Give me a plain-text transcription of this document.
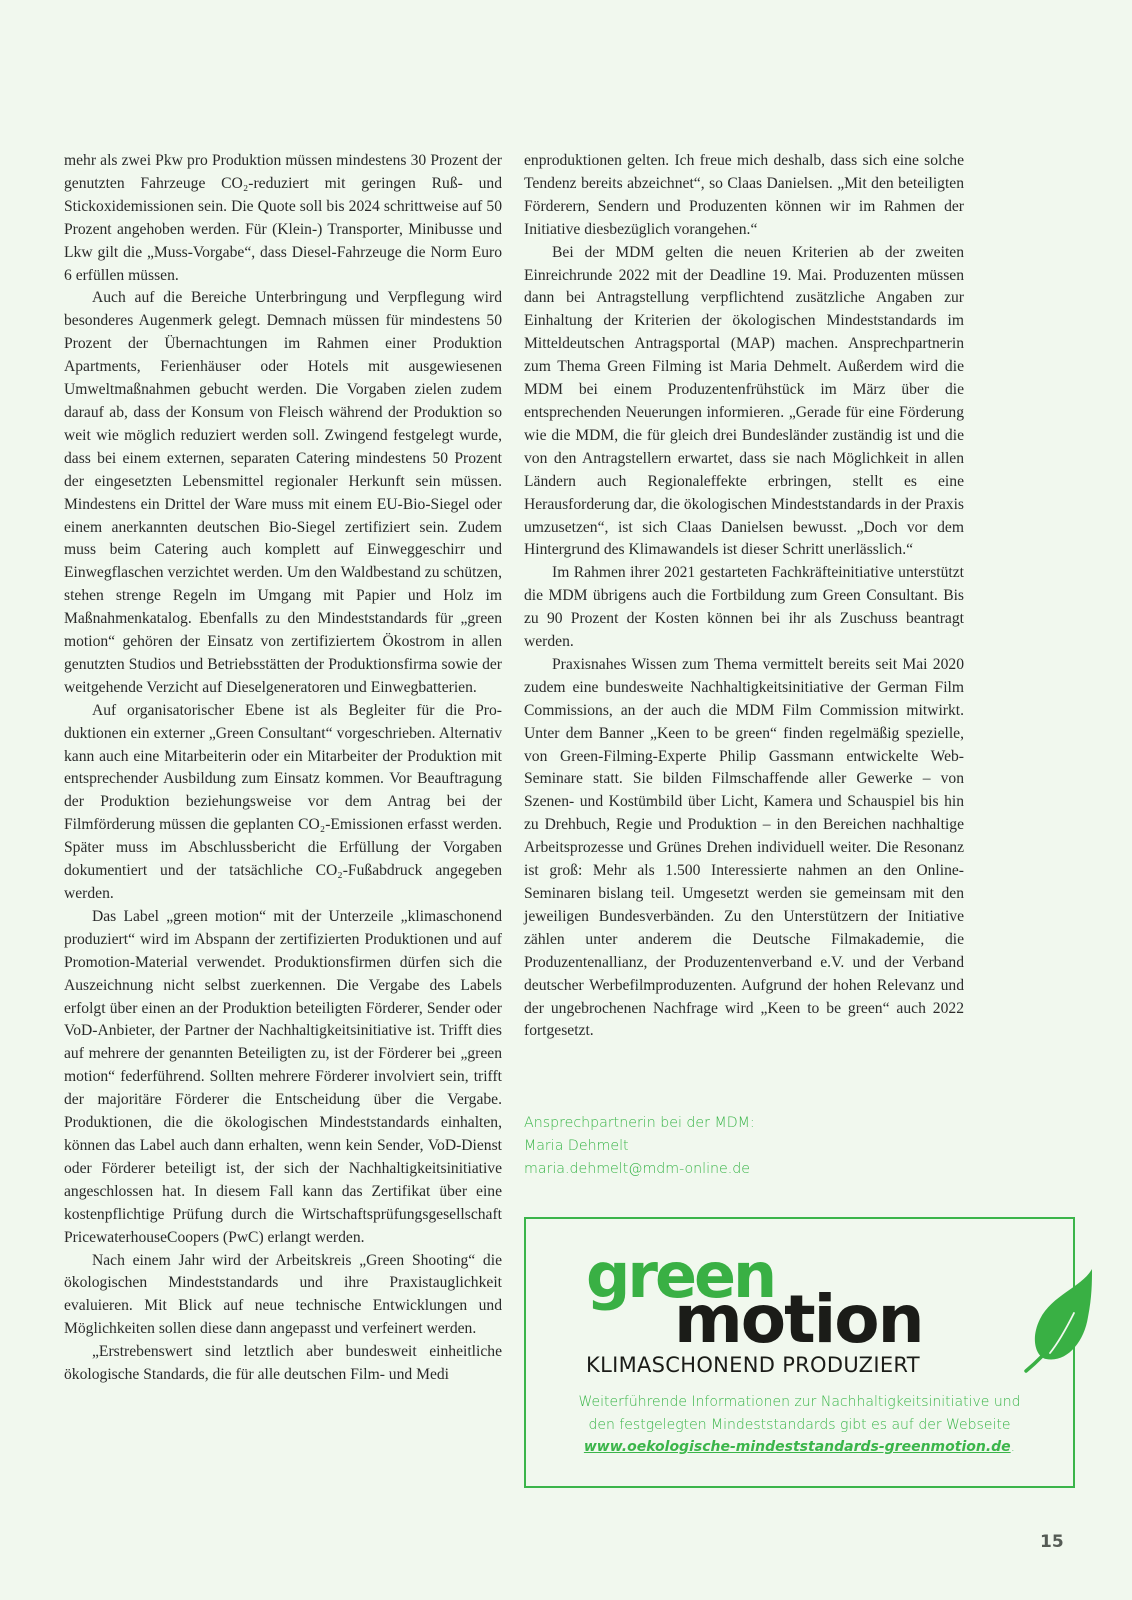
mehr als zwei Pkw pro Produktion müssen mindestens 30 Prozent der genutzten Fahrzeuge CO₂-reduziert mit geringen Ruß- und Stickoxidemissionen sein. Die Quote soll bis 2024 schrittweise auf 50 Prozent angehoben werden. Für (Klein-) Transporter, Minibusse und Lkw gilt die „Muss-Vorgabe“, dass Diesel-Fahrzeuge die Norm Euro 6 erfüllen müssen.

Auch auf die Bereiche Unterbringung und Verpflegung wird besonderes Augenmerk gelegt. Demnach müssen für mindestens 50 Prozent der Übernachtungen im Rahmen einer Produktion Apartments, Ferienhäuser oder Hotels mit ausgewiesenen Umweltmaßnahmen gebucht werden. Die Vorgaben zielen zudem darauf ab, dass der Konsum von Fleisch während der Produktion so weit wie möglich reduziert werden soll. Zwingend festgelegt wurde, dass bei einem externen, separaten Catering mindestens 50 Prozent der eingesetzten Lebensmittel regionaler Herkunft sein müssen. Mindestens ein Drittel der Ware muss mit einem EU-Bio-Siegel oder einem anerkannten deutschen Bio-Siegel zertifiziert sein. Zudem muss beim Catering auch komplett auf Einweggeschirr und Einwegflaschen verzichtet werden. Um den Waldbestand zu schützen, stehen strenge Regeln im Umgang mit Papier und Holz im Maßnahmenkatalog. Ebenfalls zu den Mindeststandards für „green motion“ gehören der Einsatz von zertifiziertem Ökostrom in allen genutzten Studios und Betriebsstätten der Produktionsfirma sowie der weitgehende Verzicht auf Dieselgeneratoren und Einwegbatterien.

Auf organisatorischer Ebene ist als Begleiter für die Produktionen ein externer „Green Consultant“ vorgeschrieben. Alternativ kann auch eine Mitarbeiterin oder ein Mitarbeiter der Produktion mit entsprechender Ausbildung zum Einsatz kommen. Vor Beauftragung der Produktion beziehungsweise vor dem Antrag bei der Filmförderung müssen die geplanten CO₂-Emissionen erfasst werden. Später muss im Abschlussbericht die Erfüllung der Vorgaben dokumentiert und der tatsächliche CO₂-Fußabdruck angegeben werden.

Das Label „green motion“ mit der Unterzeile „klimaschonend produziert“ wird im Abspann der zertifizierten Produktionen und auf Promotion-Material verwendet. Produktionsfirmen dürfen sich die Auszeichnung nicht selbst zuerkennen. Die Vergabe des Labels erfolgt über einen an der Produktion beteiligten Förderer, Sender oder VoD-Anbieter, der Partner der Nachhaltigkeitsinitiative ist. Trifft dies auf mehrere der genannten Beteiligten zu, ist der Förderer bei „green motion“ federführend. Sollten mehrere Förderer involviert sein, trifft der majoritäre Förderer die Entscheidung über die Vergabe. Produktionen, die die ökologischen Mindeststandards einhalten, können das Label auch dann erhalten, wenn kein Sender, VoD-Dienst oder Förderer beteiligt ist, der sich der Nachhaltigkeitsinitiative angeschlossen hat. In diesem Fall kann das Zertifikat über eine kostenpflichtige Prüfung durch die Wirtschaftsprüfungsgesellschaft PricewaterhouseCoopers (PwC) erlangt werden.

Nach einem Jahr wird der Arbeitskreis „Green Shooting“ die ökologischen Mindeststandards und ihre Praxistauglichkeit evaluieren. Mit Blick auf neue technische Entwicklungen und Möglichkeiten sollen diese dann angepasst und verfeinert werden.

„Erstrebenswert sind letztlich aber bundesweit einheitliche ökologische Standards, die für alle deutschen Film- und Medi

enproduktionen gelten. Ich freue mich deshalb, dass sich eine solche Tendenz bereits abzeichnet“, so Claas Danielsen. „Mit den beteiligten Förderern, Sendern und Produzenten können wir im Rahmen der Initiative diesbezüglich vorangehen.“

Bei der MDM gelten die neuen Kriterien ab der zweiten Einreichrunde 2022 mit der Deadline 19. Mai. Produzenten müssen dann bei Antragstellung verpflichtend zusätzliche Angaben zur Einhaltung der Kriterien der ökologischen Mindeststandards im Mitteldeutschen Antragsportal (MAP) machen. Ansprechpartnerin zum Thema Green Filming ist Maria Dehmelt. Außerdem wird die MDM bei einem Produzentenfrühstück im März über die entsprechenden Neuerungen informieren. „Gerade für eine Förderung wie die MDM, die für gleich drei Bundesländer zuständig ist und die von den Antragstellern erwartet, dass sie nach Möglichkeit in allen Ländern auch Regionaleffekte erbringen, stellt es eine Herausforderung dar, die ökologischen Mindeststandards in der Praxis umzusetzen“, ist sich Claas Danielsen bewusst. „Doch vor dem Hintergrund des Klimawandels ist dieser Schritt unerlässlich.“

Im Rahmen ihrer 2021 gestarteten Fachkräfteinitiative unterstützt die MDM übrigens auch die Fortbildung zum Green Consultant. Bis zu 90 Prozent der Kosten können bei ihr als Zuschuss beantragt werden.

Praxisnahes Wissen zum Thema vermittelt bereits seit Mai 2020 zudem eine bundesweite Nachhaltigkeitsinitiative der German Film Commissions, an der auch die MDM Film Commission mitwirkt. Unter dem Banner „Keen to be green“ finden regelmäßig spezielle, von Green-Filming-Experte Philip Gassmann entwickelte Web-Seminare statt. Sie bilden Filmschaffende aller Gewerke – von Szenen- und Kostümbild über Licht, Kamera und Schauspiel bis hin zu Drehbuch, Regie und Produktion – in den Bereichen nachhaltige Arbeitsprozesse und Grünes Drehen individuell weiter. Die Resonanz ist groß: Mehr als 1.500 Interessierte nahmen an den Online-Seminaren bislang teil. Umgesetzt werden sie gemeinsam mit den jeweiligen Bundesverbänden. Zu den Unterstützern der Initiative zählen unter anderem die Deutsche Filmakademie, die Produzentenallianz, der Produzentenverband e.V. und der Verband deutscher Werbefilmproduzenten. Aufgrund der hohen Relevanz und der ungebrochenen Nachfrage wird „Keen to be green“ auch 2022 fortgesetzt.

Ansprechpartnerin bei der MDM:
Maria Dehmelt
maria.dehmelt@mdm-online.de
green
motion
KLIMASCHONEND PRODUZIERT
Weiterführende Informationen zur Nachhaltigkeitsinitiative und
den festgelegten Mindeststandards gibt es auf der Webseite
www.oekologische-mindeststandards-greenmotion.de.
15
